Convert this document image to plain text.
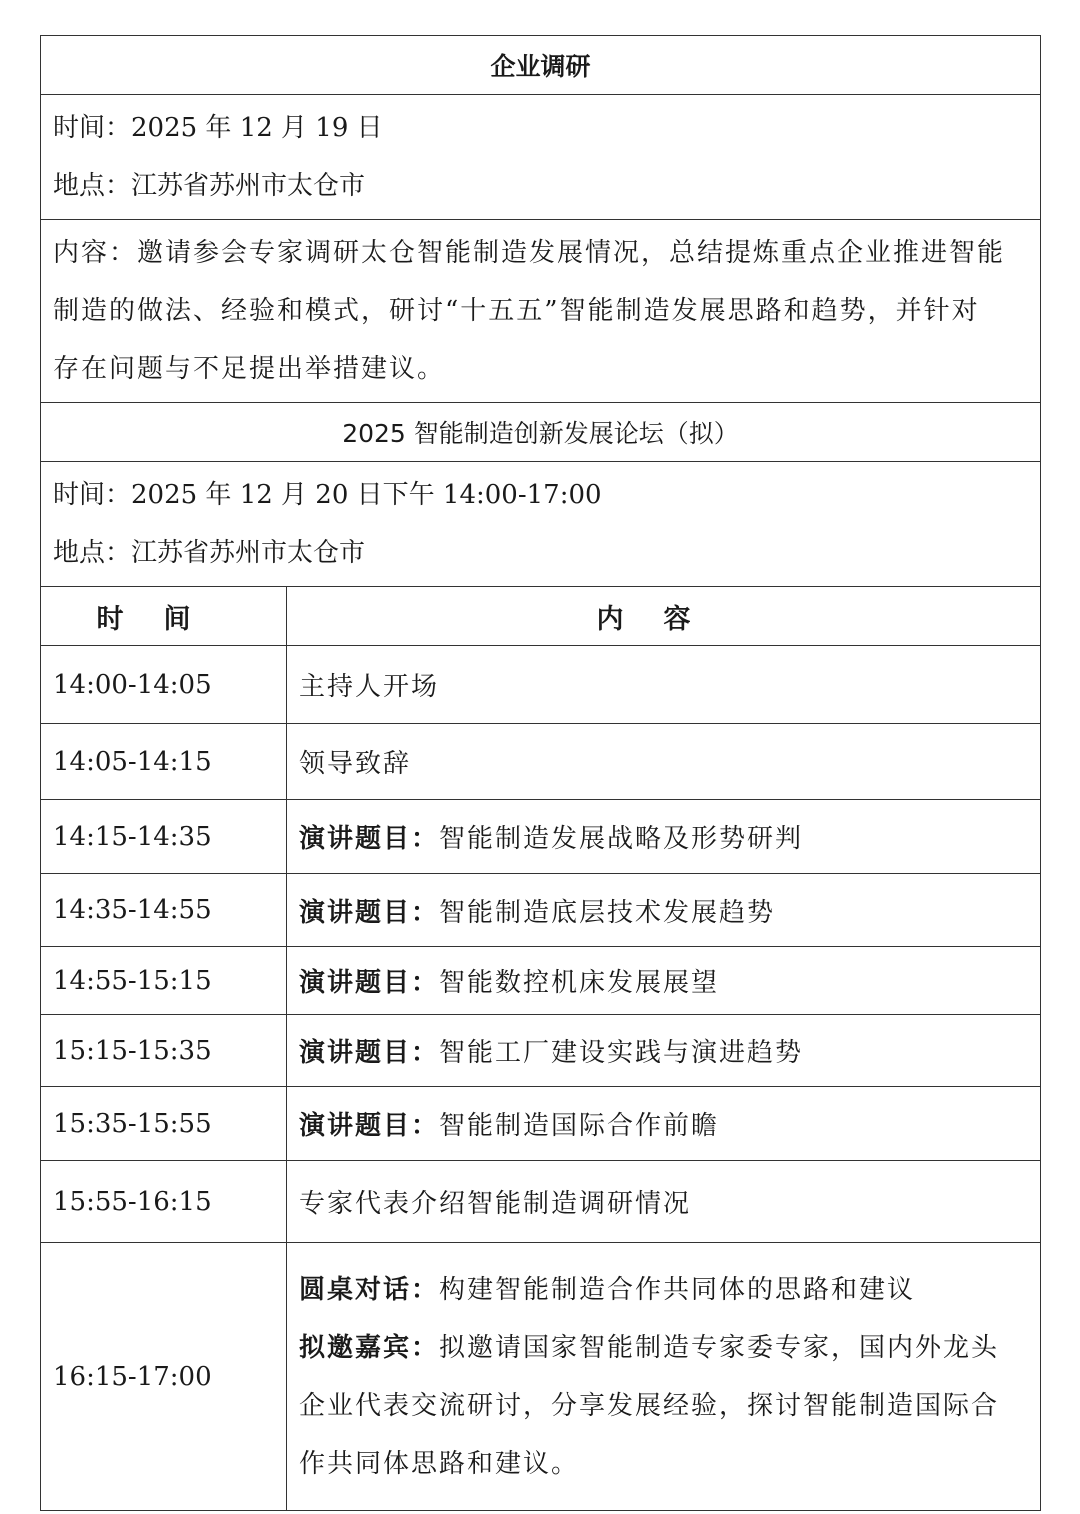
企业调研	

时间：2025 年 12 月 19 日
地点：江苏省苏州市太仓市	

内容：邀请参会专家调研太仓智能制造发展情况，总结提炼重点企业推进智能
制造的做法、经验和模式，研讨“十五五”智能制造发展思路和趋势，并针对
存在问题与不足提出举措建议。	

2025 智能制造创新发展论坛（拟）	

时间：2025 年 12 月 20 日下午 14:00-17:00
地点：江苏省苏州市太仓市	

时间	内容
14:00-14:05	主持人开场
14:05-14:15	领导致辞
14:15-14:35	演讲题目：智能制造发展战略及形势研判
14:35-14:55	演讲题目：智能制造底层技术发展趋势
14:55-15:15	演讲题目：智能数控机床发展展望
15:15-15:35	演讲题目：智能工厂建设实践与演进趋势
15:35-15:55	演讲题目：智能制造国际合作前瞻
15:55-16:15	专家代表介绍智能制造调研情况
16:15-17:00	圆桌对话：构建智能制造合作共同体的思路和建议
拟邀嘉宾：拟邀请国家智能制造专家委专家，国内外龙头
企业代表交流研讨，分享发展经验，探讨智能制造国际合
作共同体思路和建议。
